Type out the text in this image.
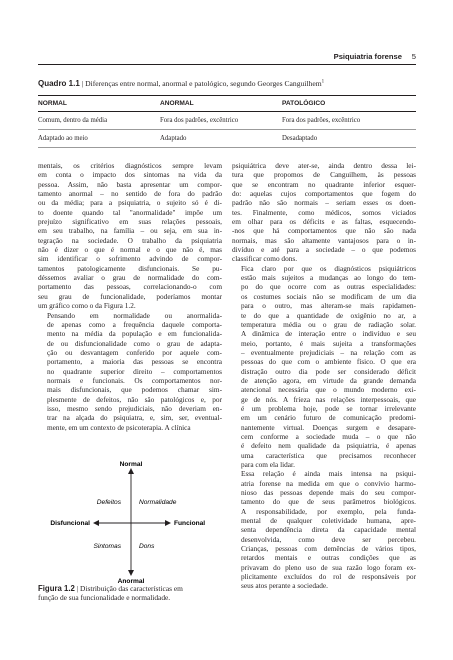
Psiquiatria forense 5
Quadro 1.1 | Diferenças entre normal, anormal e patológico, segundo Georges Canguilhem$^1$
NORMAL	ANORMAL	PATOLÓGICO
Comum, dentro da média	Fora dos padrões, excêntrico	Fora dos padrões, excêntrico
Adaptado ao meio	Adaptado	Desadaptado

mentais, os critérios diagnósticos sempre levam
em conta o impacto dos sintomas na vida da
pessoa. Assim, não basta apresentar um compor-
tamento anormal – no sentido de fora do padrão
ou da média; para a psiquiatria, o sujeito só é di-
to doente quando tal "anormalidade" impõe um
prejuízo significativo em suas relações pessoais,
em seu trabalho, na família – ou seja, em sua in-
tegração na sociedade. O trabalho da psiquiatria
não é dizer o que é normal e o que não é, mas
sim identificar o sofrimento advindo de compor-
tamentos patologicamente disfuncionais. Se pu-
déssemos avaliar o grau de normalidade do com-
portamento das pessoas, correlacionando-o com
seu grau de funcionalidade, poderíamos montar
um gráfico como o da Figura 1.2.

Pensando em normalidade ou anormalida-
de apenas como a frequência daquele comporta-
mento na média da população e em funcionalida-
de ou disfuncionalidade como o grau de adapta-
ção ou desvantagem conferido por aquele com-
portamento, a maioria das pessoas se encontra
no quadrante superior direito – comportamentos
normais e funcionais. Os comportamentos nor-
mais disfuncionais, que podemos chamar sim-
plesmente de defeitos, não são patológicos e, por
isso, mesmo sendo prejudiciais, não deveriam en-
trar na alçada do psiquiatra, e, sim, ser, eventual-
mente, em um contexto de psicoterapia. A clínica

psiquiátrica deve ater-se, ainda dentro dessa lei-
tura que propomos de Canguilhem, às pessoas
que se encontram no quadrante inferior esquer-
do: aquelas cujos comportamentos que fogem do
padrão não são normais – seriam esses os doen-
tes. Finalmente, como médicos, somos viciados
em olhar para os déficits e as faltas, esquecendo-
-nos que há comportamentos que não são nada
normais, mas são altamente vantajosos para o in-
divíduo e até para a sociedade – o que podemos
classificar como dons.

Fica claro por que os diagnósticos psiquiátricos
estão mais sujeitos a mudanças ao longo do tem-
po do que ocorre com as outras especialidades:
os costumes sociais não se modificam de um dia
para o outro, mas alteram-se mais rapidamen-
te do que a quantidade de oxigênio no ar, a
temperatura média ou o grau de radiação solar.
A dinâmica de interação entre o indivíduo e seu
meio, portanto, é mais sujeita a transformações
– eventualmente prejudiciais – na relação com as
pessoas do que com o ambiente físico. O que era
distração outro dia pode ser considerado déficit
de atenção agora, em virtude da grande demanda
atencional necessária que o mundo moderno exi-
ge de nós. A fríeza nas relações interpessoais, que
é um problema hoje, pode se tornar irrelevante
em um cenário futuro de comunicação predomi-
nantemente virtual. Doenças surgem e desapare-
cem conforme a sociedade muda – o que não
é defeito nem qualidade da psiquiatria, é apenas
uma característica que precisamos reconhecer
para com ela lidar.

Essa relação é ainda mais intensa na psiqui-
atria forense na medida em que o convívio harmo-
nioso das pessoas depende mais do seu compor-
tamento do que de seus parâmetros biológicos.
A responsabilidade, por exemplo, pela funda-
mental de qualquer coletividade humana, apre-
senta dependência direta da capacidade mental
desenvolvida, como deve ser percebeu.
Crianças, pessoas com demências de vários tipos,
retardos mentais e outras condições que as
privavam do pleno uso de sua razão logo foram ex-
plicitamente excluídos do rol de responsáveis por
seus atos perante a sociedade.

Normal
Anormal
Disfuncional	Funcional
Defeitos	Normalidade
Sintomas	Dons
Figura 1.2 | Distribuição das características em
função de sua funcionalidade e normalidade.
